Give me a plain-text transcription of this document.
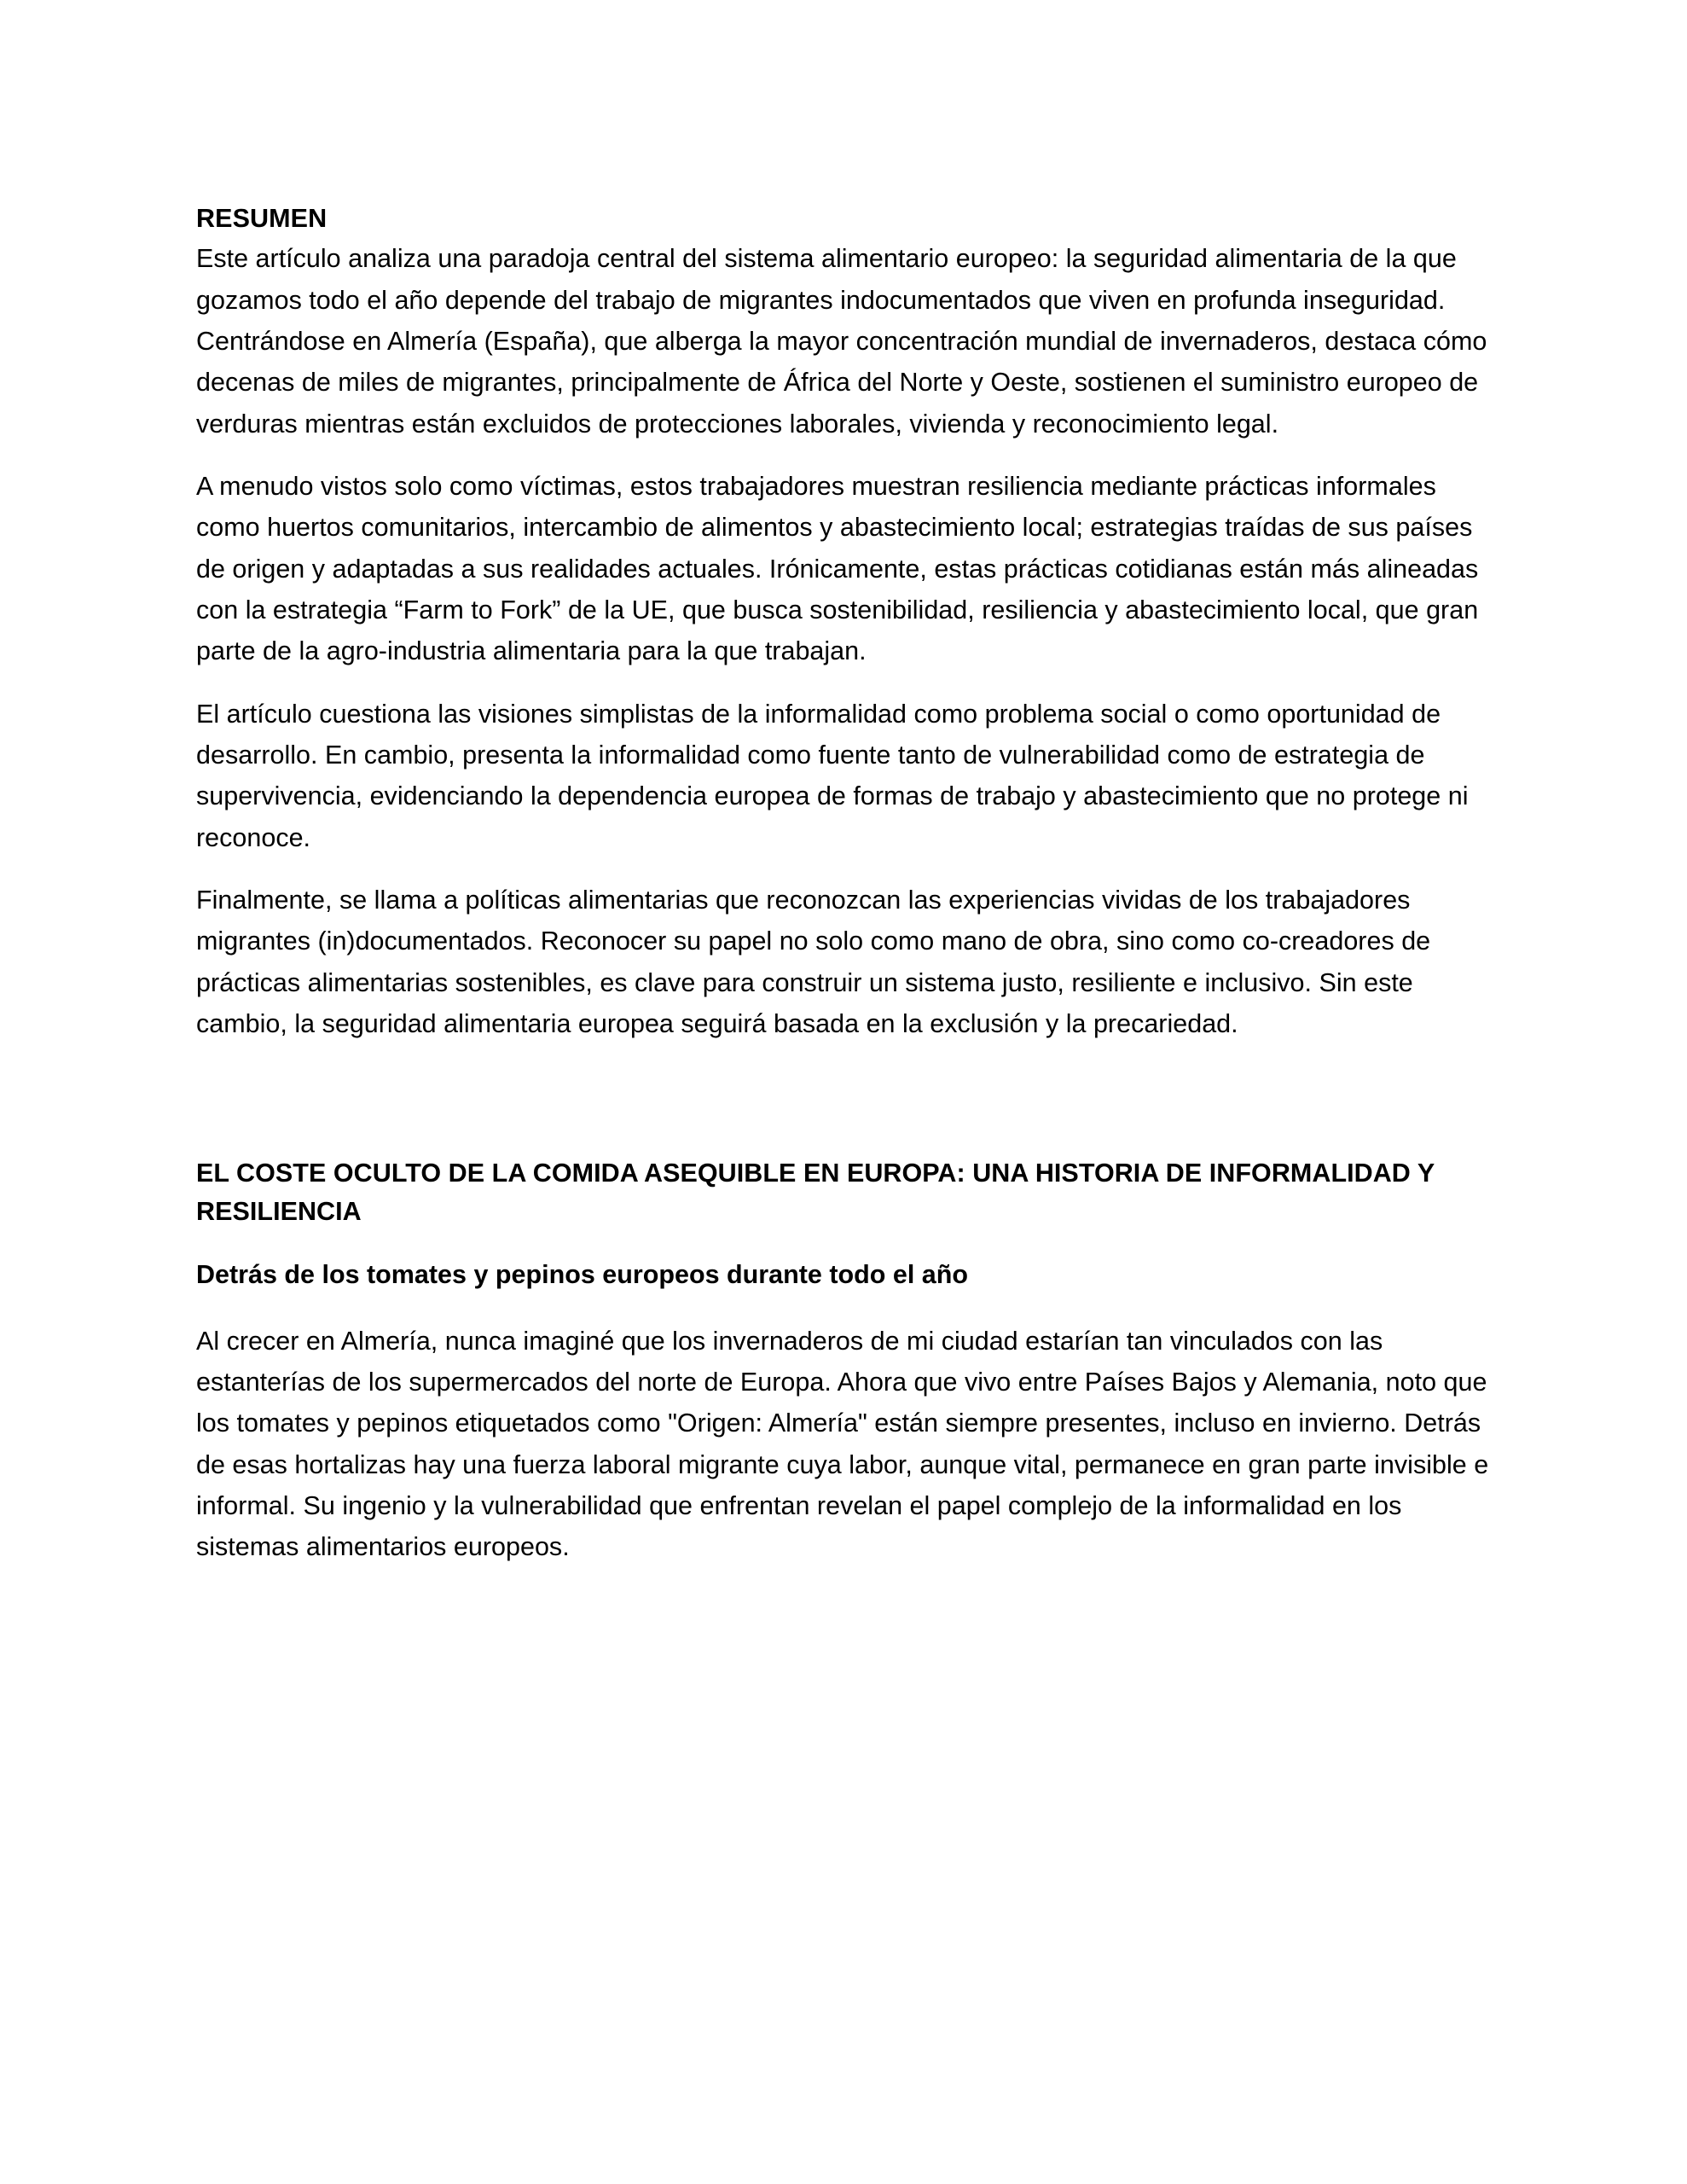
RESUMEN

Este artículo analiza una paradoja central del sistema alimentario europeo: la seguridad alimentaria de la que gozamos todo el año depende del trabajo de migrantes indocumentados que viven en profunda inseguridad. Centrándose en Almería (España), que alberga la mayor concentración mundial de invernaderos, destaca cómo decenas de miles de migrantes, principalmente de África del Norte y Oeste, sostienen el suministro europeo de verduras mientras están excluidos de protecciones laborales, vivienda y reconocimiento legal.

A menudo vistos solo como víctimas, estos trabajadores muestran resiliencia mediante prácticas informales como huertos comunitarios, intercambio de alimentos y abastecimiento local; estrategias traídas de sus países de origen y adaptadas a sus realidades actuales. Irónicamente, estas prácticas cotidianas están más alineadas con la estrategia “Farm to Fork” de la UE, que busca sostenibilidad, resiliencia y abastecimiento local, que gran parte de la agro-industria alimentaria para la que trabajan.

El artículo cuestiona las visiones simplistas de la informalidad como problema social o como oportunidad de desarrollo. En cambio, presenta la informalidad como fuente tanto de vulnerabilidad como de estrategia de supervivencia, evidenciando la dependencia europea de formas de trabajo y abastecimiento que no protege ni reconoce.

Finalmente, se llama a políticas alimentarias que reconozcan las experiencias vividas de los trabajadores migrantes (in)documentados. Reconocer su papel no solo como mano de obra, sino como co-creadores de prácticas alimentarias sostenibles, es clave para construir un sistema justo, resiliente e inclusivo. Sin este cambio, la seguridad alimentaria europea seguirá basada en la exclusión y la precariedad.

EL COSTE OCULTO DE LA COMIDA ASEQUIBLE EN EUROPA: UNA HISTORIA DE INFORMALIDAD Y RESILIENCIA
Detrás de los tomates y pepinos europeos durante todo el año

Al crecer en Almería, nunca imaginé que los invernaderos de mi ciudad estarían tan vinculados con las estanterías de los supermercados del norte de Europa. Ahora que vivo entre Países Bajos y Alemania, noto que los tomates y pepinos etiquetados como "Origen: Almería" están siempre presentes, incluso en invierno. Detrás de esas hortalizas hay una fuerza laboral migrante cuya labor, aunque vital, permanece en gran parte invisible e informal. Su ingenio y la vulnerabilidad que enfrentan revelan el papel complejo de la informalidad en los sistemas alimentarios europeos.
